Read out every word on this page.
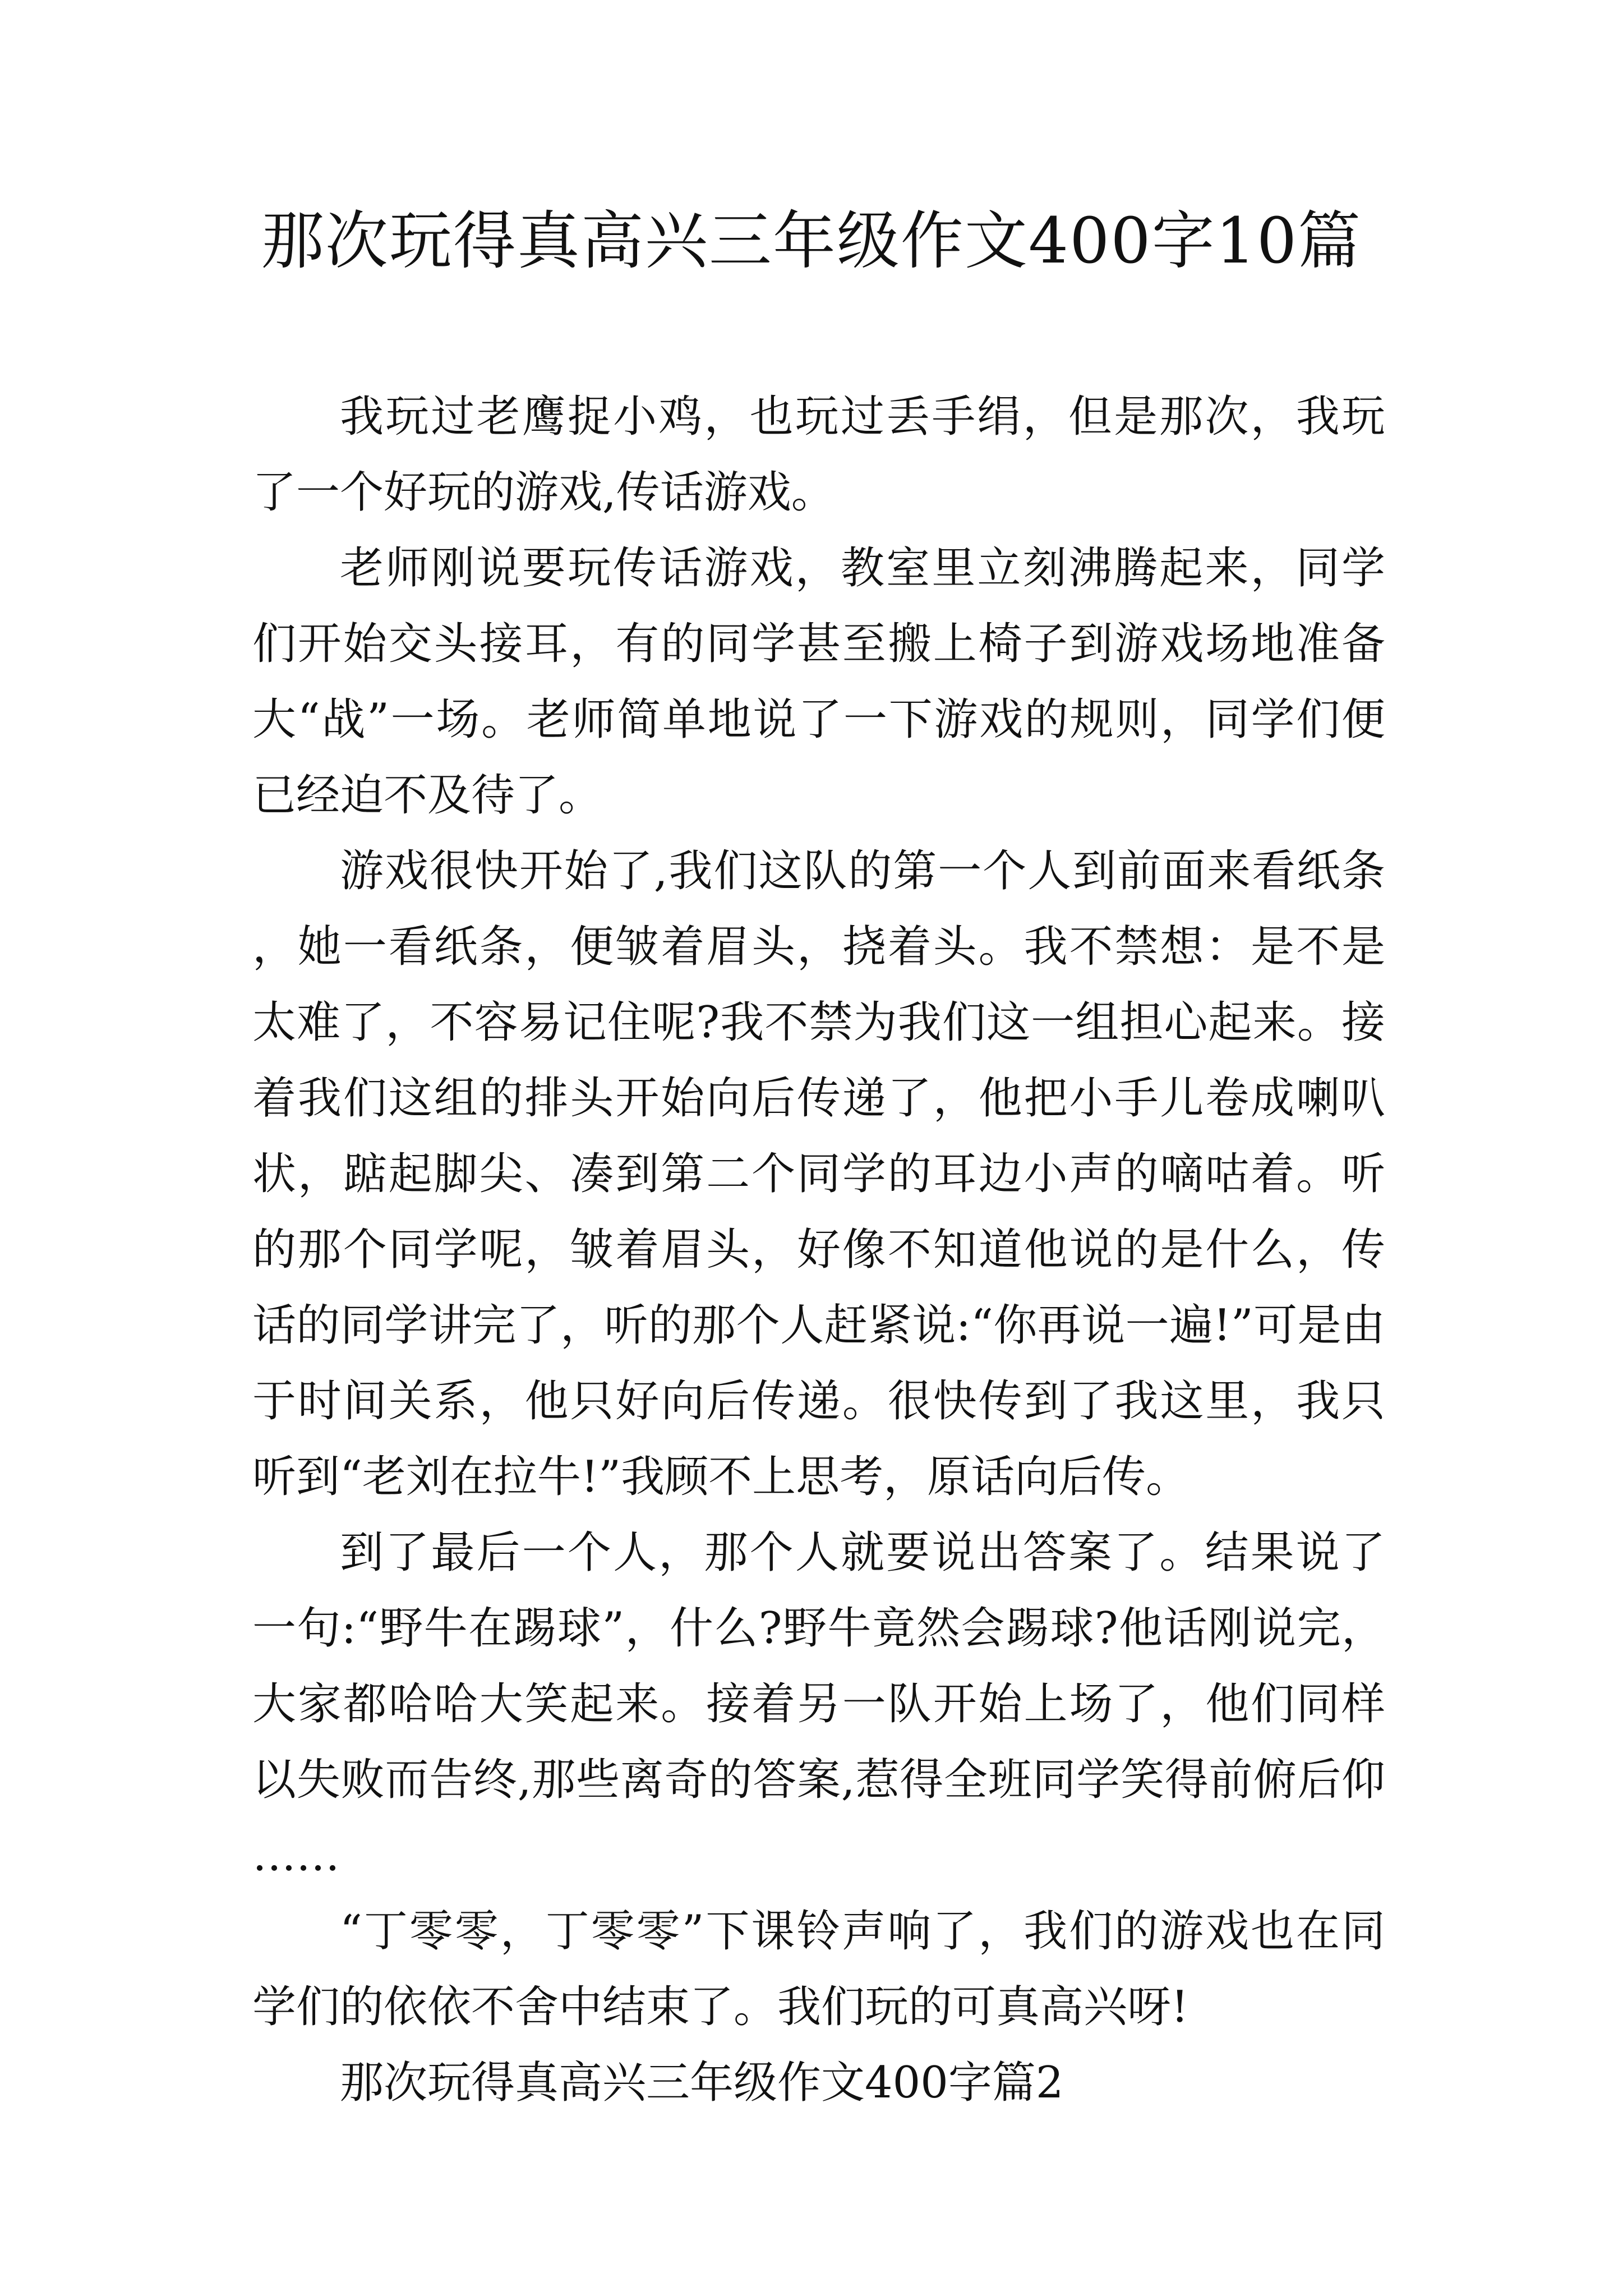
那次玩得真高兴三年级作文400字10篇

我玩过老鹰捉小鸡，也玩过丢手绢，但是那次，我玩了一个好玩的游戏,传话游戏。

老师刚说要玩传话游戏，教室里立刻沸腾起来，同学们开始交头接耳，有的同学甚至搬上椅子到游戏场地准备大“战”一场。老师简单地说了一下游戏的规则，同学们便已经迫不及待了。

游戏很快开始了,我们这队的第一个人到前面来看纸条，她一看纸条，便皱着眉头，挠着头。我不禁想：是不是太难了，不容易记住呢?我不禁为我们这一组担心起来。接着我们这组的排头开始向后传递了，他把小手儿卷成喇叭状，踮起脚尖、凑到第二个同学的耳边小声的嘀咕着。听的那个同学呢，皱着眉头，好像不知道他说的是什么，传话的同学讲完了，听的那个人赶紧说:“你再说一遍!”可是由于时间关系，他只好向后传递。很快传到了我这里，我只听到“老刘在拉牛!”我顾不上思考，原话向后传。

到了最后一个人，那个人就要说出答案了。结果说了一句:“野牛在踢球”，什么?野牛竟然会踢球?他话刚说完，大家都哈哈大笑起来。接着另一队开始上场了，他们同样以失败而告终,那些离奇的答案,惹得全班同学笑得前俯后仰……

“丁零零，丁零零”下课铃声响了，我们的游戏也在同学们的依依不舍中结束了。我们玩的可真高兴呀!

那次玩得真高兴三年级作文400字篇2
